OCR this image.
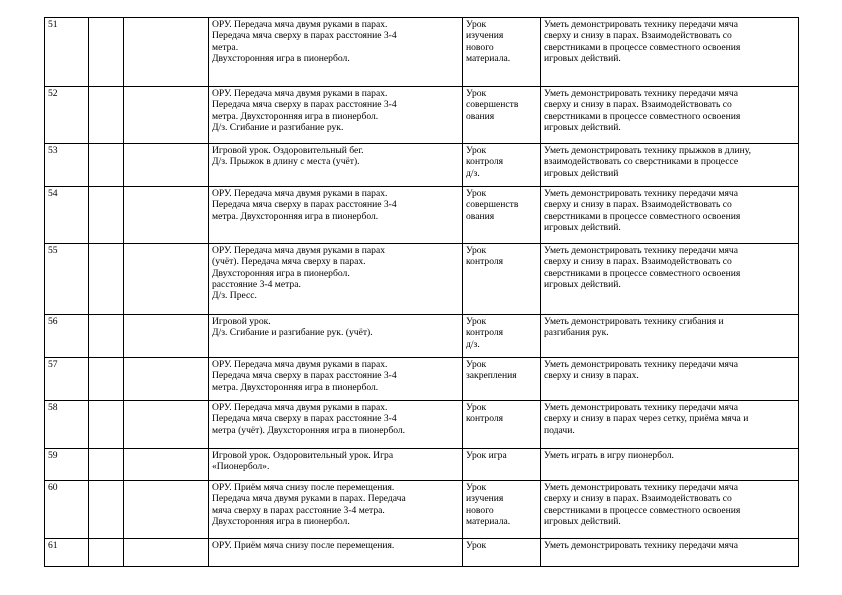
51			ОРУ. Передача мяча двумя руками в парах.
Передача мяча сверху в парах расстояние 3-4
метра.
Двухсторонняя игра в пионербол.	Урок
изучения
нового
материала.	Уметь демонстрировать технику передачи мяча
сверху и снизу в парах. Взаимодействовать со
сверстниками в процессе совместного освоения
игровых действий.
52			ОРУ. Передача мяча двумя руками в парах.
Передача мяча сверху в парах расстояние 3-4
метра. Двухсторонняя игра в пионербол.
Д/з. Сгибание и разгибание рук.	Урок
совершенств
ования	Уметь демонстрировать технику передачи мяча
сверху и снизу в парах. Взаимодействовать со
сверстниками в процессе совместного освоения
игровых действий.
53			Игровой урок. Оздоровительный бег.
Д/з. Прыжок в длину с места (учёт).	Урок
контроля
д/з.	Уметь демонстрировать технику прыжков в длину,
взаимодействовать со сверстниками в процессе
игровых действий
54			ОРУ. Передача мяча двумя руками в парах.
Передача мяча сверху в парах расстояние 3-4
метра. Двухсторонняя игра в пионербол.	Урок
совершенств
ования	Уметь демонстрировать технику передачи мяча
сверху и снизу в парах. Взаимодействовать со
сверстниками в процессе совместного освоения
игровых действий.
55			ОРУ. Передача мяча двумя руками в парах
(учёт). Передача мяча сверху в парах.
Двухсторонняя игра в пионербол.
расстояние 3-4 метра.
Д/з. Пресс.	Урок
контроля	Уметь демонстрировать технику передачи мяча
сверху и снизу в парах. Взаимодействовать со
сверстниками в процессе совместного освоения
игровых действий.
56			Игровой урок.
Д/з. Сгибание и разгибание рук. (учёт).	Урок
контроля
д/з.	Уметь демонстрировать технику сгибания и
разгибания рук.
57			ОРУ. Передача мяча двумя руками в парах.
Передача мяча сверху в парах расстояние 3-4
метра. Двухсторонняя игра в пионербол.	Урок
закрепления	Уметь демонстрировать технику передачи мяча
сверху и снизу в парах.
58			ОРУ. Передача мяча двумя руками в парах.
Передача мяча сверху в парах расстояние 3-4
метра (учёт). Двухсторонняя игра в пионербол.	Урок
контроля	Уметь демонстрировать технику передачи мяча
сверху и снизу в парах через сетку, приёма мяча и
подачи.
59			Игровой урок. Оздоровительный урок. Игра
«Пионербол».	Урок игра	Уметь играть в игру пионербол.
60			ОРУ. Приём мяча снизу после перемещения.
Передача мяча двумя руками в парах. Передача
мяча сверху в парах расстояние 3-4 метра.
Двухсторонняя игра в пионербол.	Урок
изучения
нового
материала.	Уметь демонстрировать технику передачи мяча
сверху и снизу в парах. Взаимодействовать со
сверстниками в процессе совместного освоения
игровых действий.
61			ОРУ. Приём мяча снизу после перемещения.	Урок	Уметь демонстрировать технику передачи мяча
